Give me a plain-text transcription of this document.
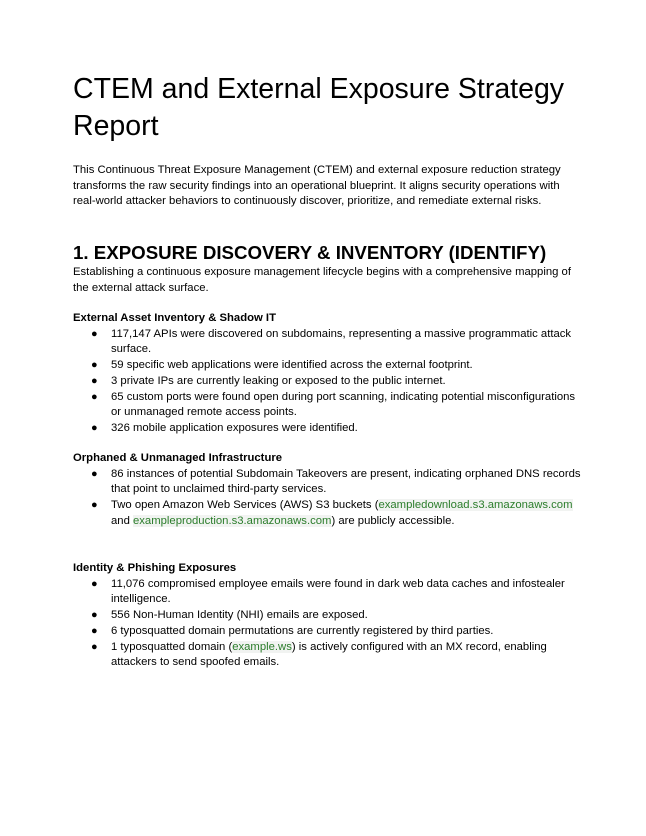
CTEM and External Exposure Strategy Report

This Continuous Threat Exposure Management (CTEM) and external exposure reduction strategy transforms the raw security findings into an operational blueprint. It aligns security operations with real-world attacker behaviors to continuously discover, prioritize, and remediate external risks.

1. EXPOSURE DISCOVERY & INVENTORY (IDENTIFY)

Establishing a continuous exposure management lifecycle begins with a comprehensive mapping of the external attack surface.

External Asset Inventory & Shadow IT
● 117,147 APIs were discovered on subdomains, representing a massive programmatic attack surface.
● 59 specific web applications were identified across the external footprint.
● 3 private IPs are currently leaking or exposed to the public internet.
● 65 custom ports were found open during port scanning, indicating potential misconfigurations or unmanaged remote access points.
● 326 mobile application exposures were identified.
Orphaned & Unmanaged Infrastructure
● 86 instances of potential Subdomain Takeovers are present, indicating orphaned DNS records that point to unclaimed third-party services.
● Two open Amazon Web Services (AWS) S3 buckets (exampledownload.s3.amazonaws.com and exampleproduction.s3.amazonaws.com) are publicly accessible.
Identity & Phishing Exposures
● 11,076 compromised employee emails were found in dark web data caches and infostealer intelligence.
● 556 Non-Human Identity (NHI) emails are exposed.
● 6 typosquatted domain permutations are currently registered by third parties.
● 1 typosquatted domain (example.ws) is actively configured with an MX record, enabling attackers to send spoofed emails.
